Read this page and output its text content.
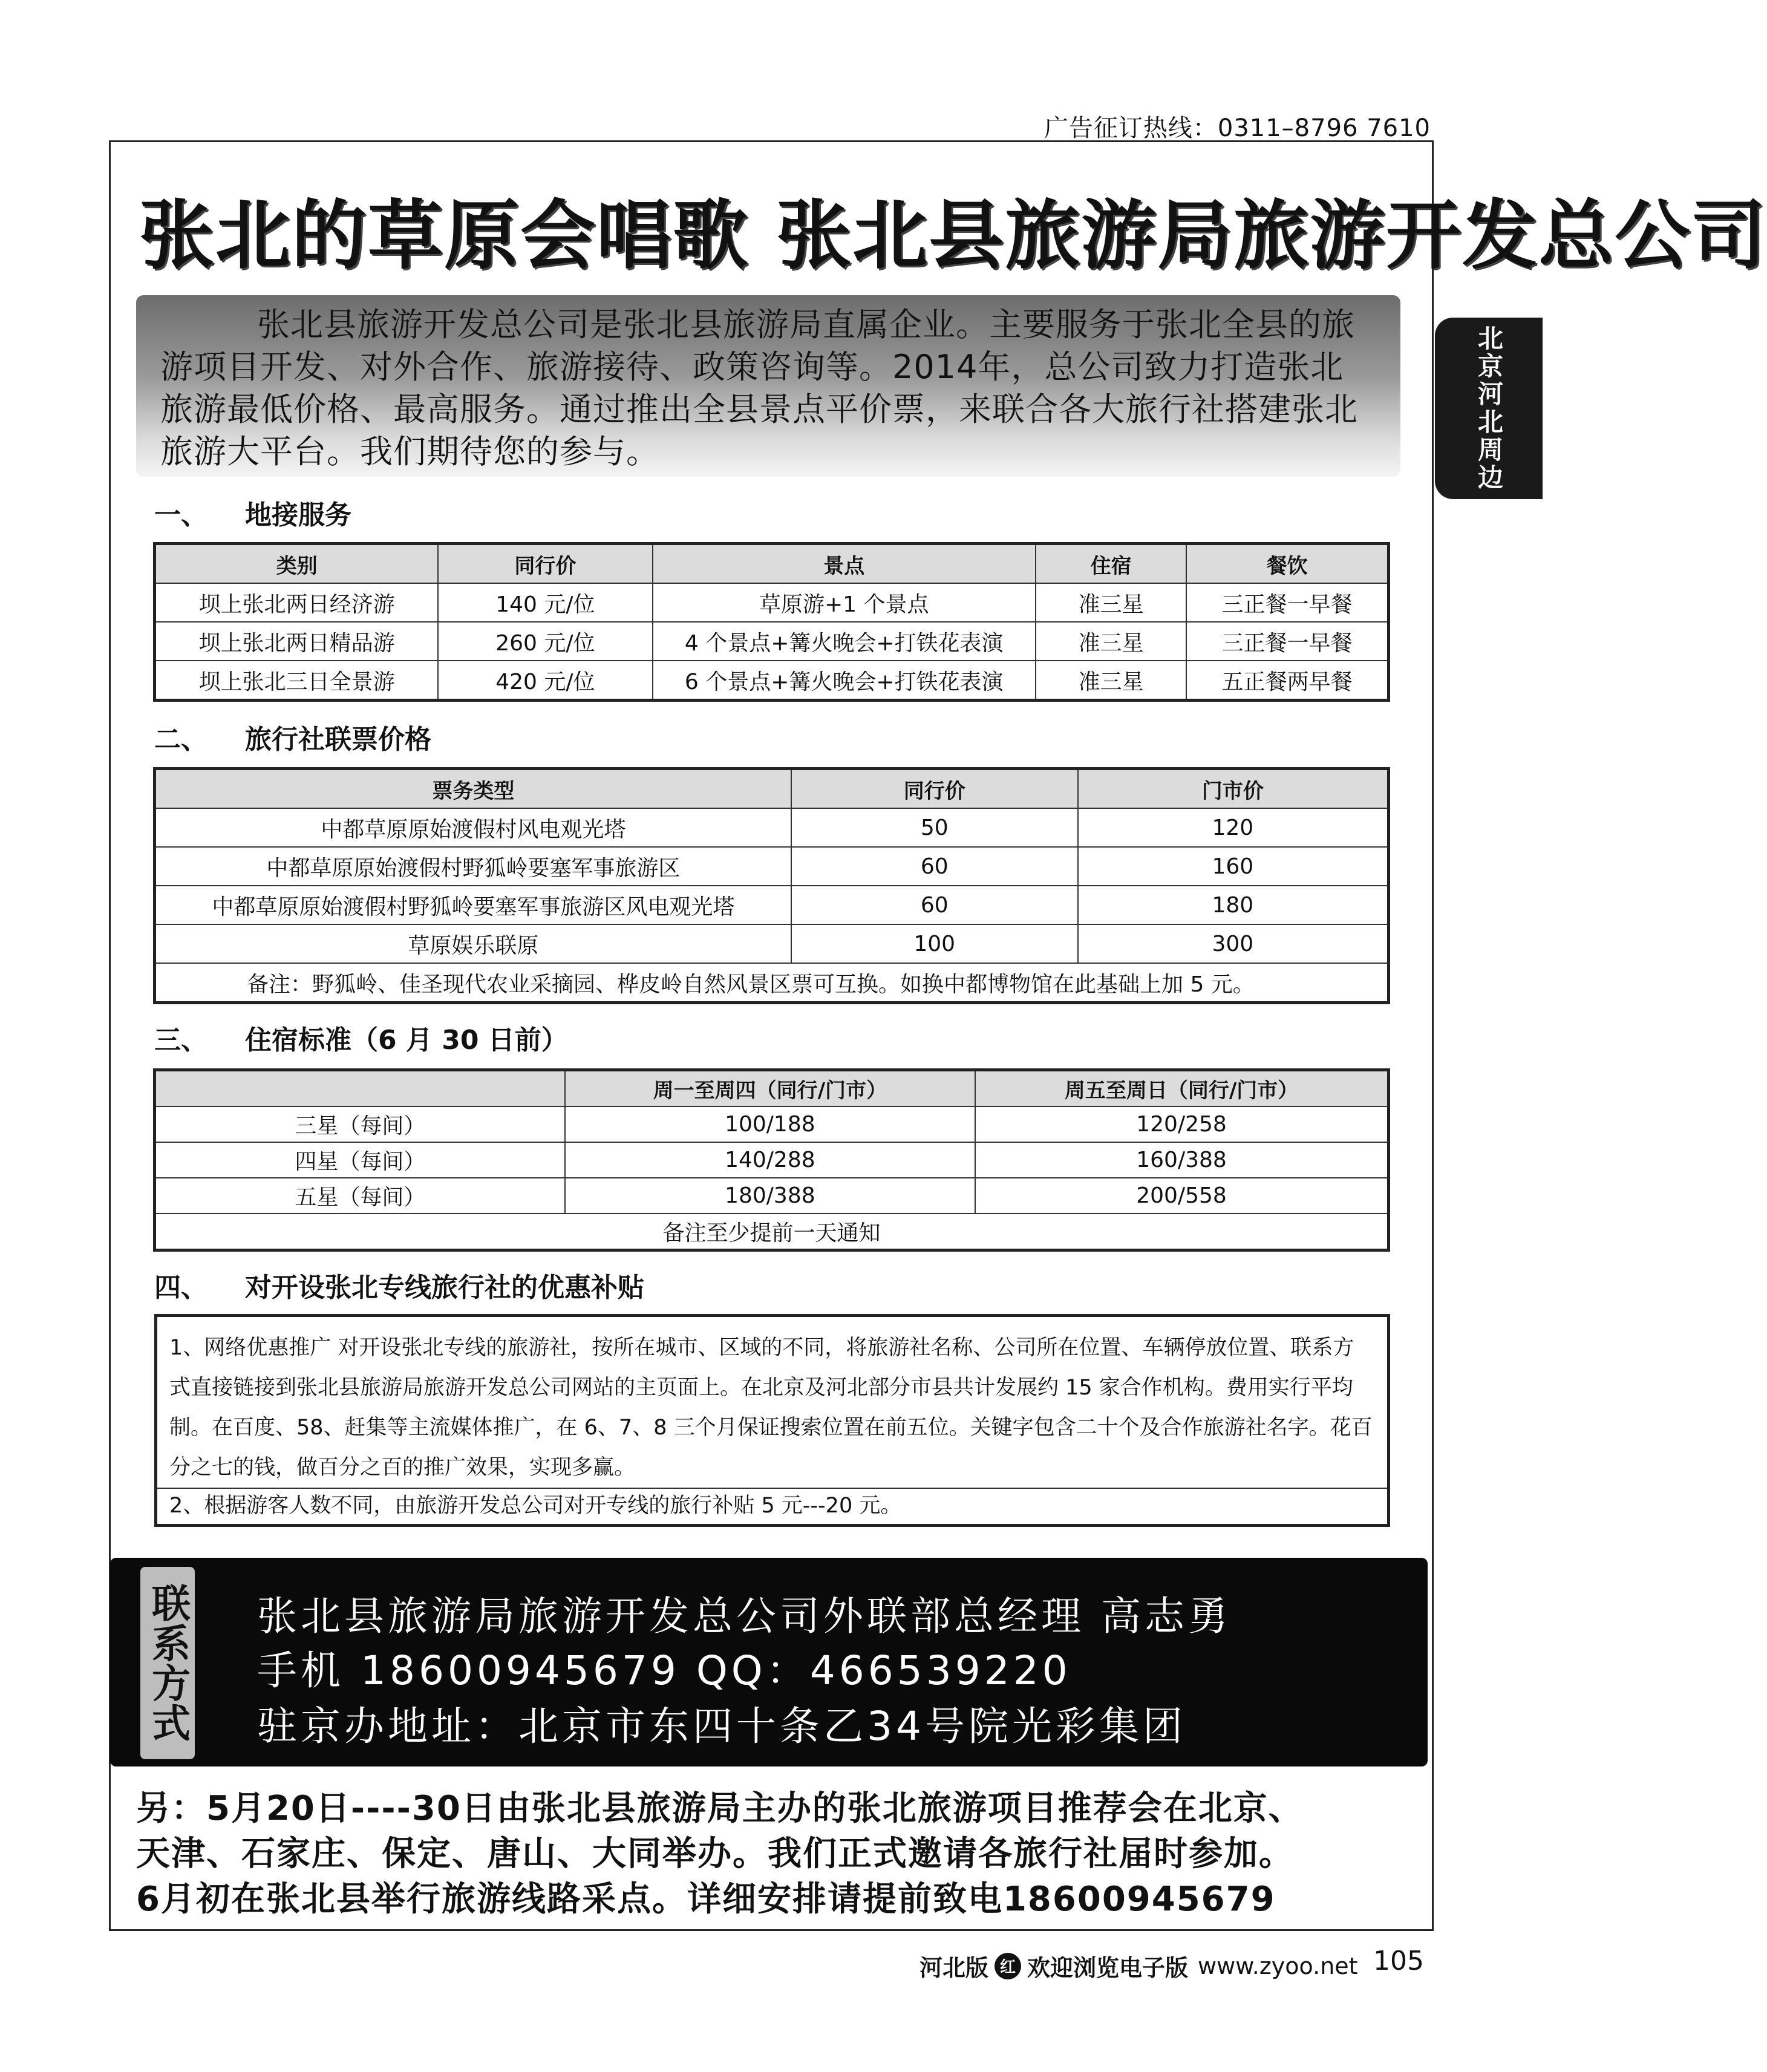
广告征订热线：0311–8796 7610
北京河北周边
张北的草原会唱歌 张北县旅游局旅游开发总公司

张北县旅游开发总公司是张北县旅游局直属企业。主要服务于张北全县的旅游项目开发、对外合作、旅游接待、政策咨询等。2014年，总公司致力打造张北旅游最低价格、最高服务。通过推出全县景点平价票，来联合各大旅行社搭建张北旅游大平台。我们期待您的参与。

一、 地接服务
类别	同行价	景点	住宿	餐饮
坝上张北两日经济游	140 元/位	草原游+1 个景点	准三星	三正餐一早餐
坝上张北两日精品游	260 元/位	4 个景点+篝火晚会+打铁花表演	准三星	三正餐一早餐
坝上张北三日全景游	420 元/位	6 个景点+篝火晚会+打铁花表演	准三星	五正餐两早餐
二、 旅行社联票价格
票务类型	同行价	门市价
中都草原原始渡假村风电观光塔	50	120
中都草原原始渡假村野狐岭要塞军事旅游区	60	160
中都草原原始渡假村野狐岭要塞军事旅游区风电观光塔	60	180
草原娱乐联原	100	300
备注：野狐岭、佳圣现代农业采摘园、桦皮岭自然风景区票可互换。如换中都博物馆在此基础上加 5 元。		
三、 住宿标准（6 月 30 日前）
	周一至周四（同行/门市）	周五至周日（同行/门市）
三星（每间）	100/188	120/258
四星（每间）	140/288	160/388
五星（每间）	180/388	200/558
备注至少提前一天通知		
四、 对开设张北专线旅行社的优惠补贴
1、网络优惠推广 对开设张北专线的旅游社，按所在城市、区域的不同，将旅游社名称、公司所在位置、车辆停放位置、联系方式直接链接到张北县旅游局旅游开发总公司网站的主页面上。在北京及河北部分市县共计发展约 15 家合作机构。费用实行平均制。在百度、58、赶集等主流媒体推广，在 6、7、8 三个月保证搜索位置在前五位。关键字包含二十个及合作旅游社名字。花百分之七的钱，做百分之百的推广效果，实现多赢。
2、根据游客人数不同，由旅游开发总公司对开专线的旅行补贴 5 元---20 元。
联系方式 张北县旅游局旅游开发总公司外联部总经理 高志勇
手机 18600945679 QQ：466539220
驻京办地址：北京市东四十条乙34号院光彩集团
另：5月20日----30日由张北县旅游局主办的张北旅游项目推荐会在北京、
天津、石家庄、保定、唐山、大同举办。我们正式邀请各旅行社届时参加。
6月初在张北县举行旅游线路采点。详细安排请提前致电18600945679
河北版 红 欢迎浏览电子版 www.zyoo.net 105
